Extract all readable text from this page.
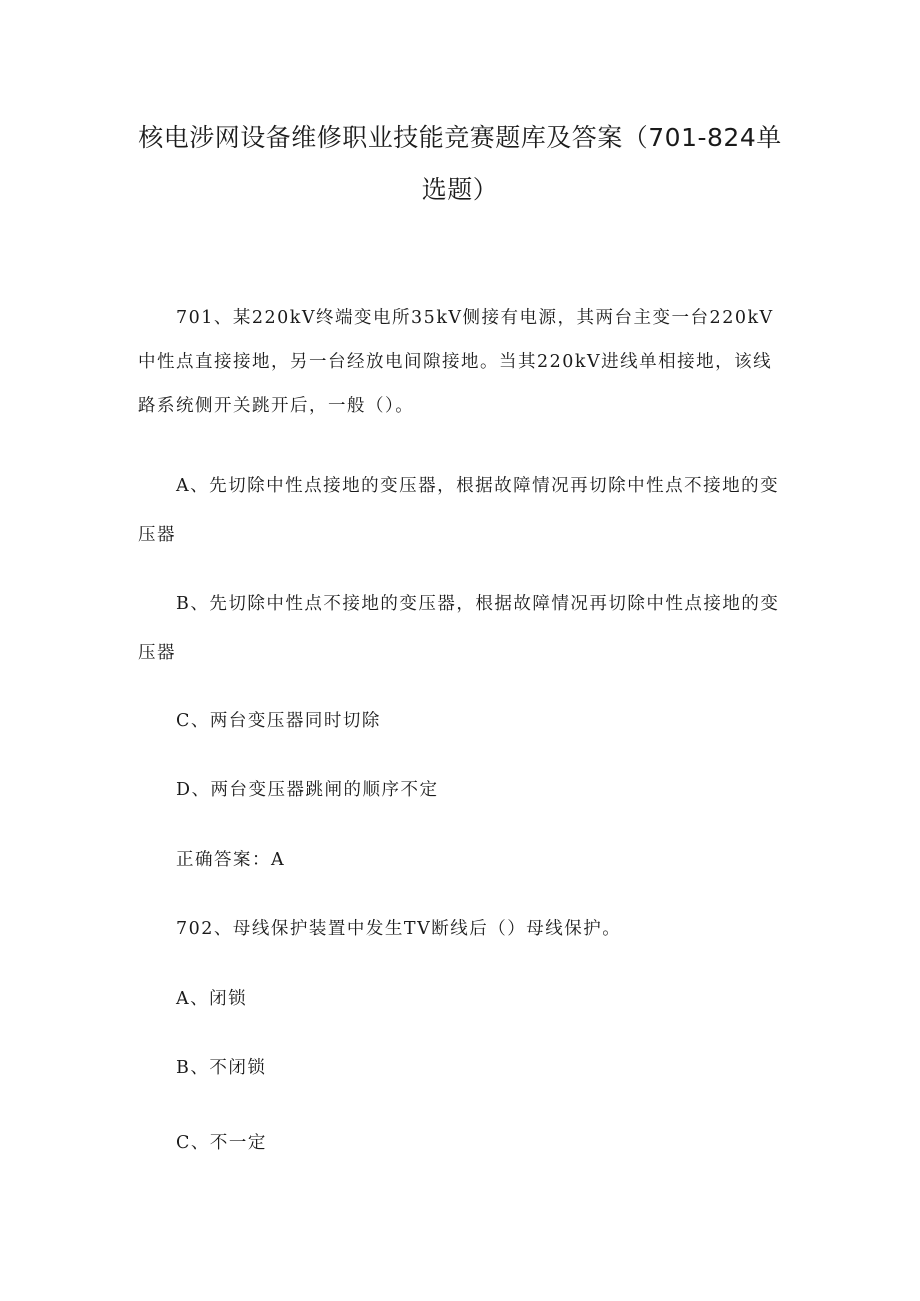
核电涉网设备维修职业技能竞赛题库及答案（701-824单选题）

701、某220kV终端变电所35kV侧接有电源，其两台主变一台220kV中性点直接接地，另一台经放电间隙接地。当其220kV进线单相接地，该线路系统侧开关跳开后，一般（）。

A、先切除中性点接地的变压器，根据故障情况再切除中性点不接地的变压器

B、先切除中性点不接地的变压器，根据故障情况再切除中性点接地的变压器

C、两台变压器同时切除

D、两台变压器跳闸的顺序不定

正确答案：A

702、母线保护装置中发生TV断线后（）母线保护。

A、闭锁

B、不闭锁

C、不一定
